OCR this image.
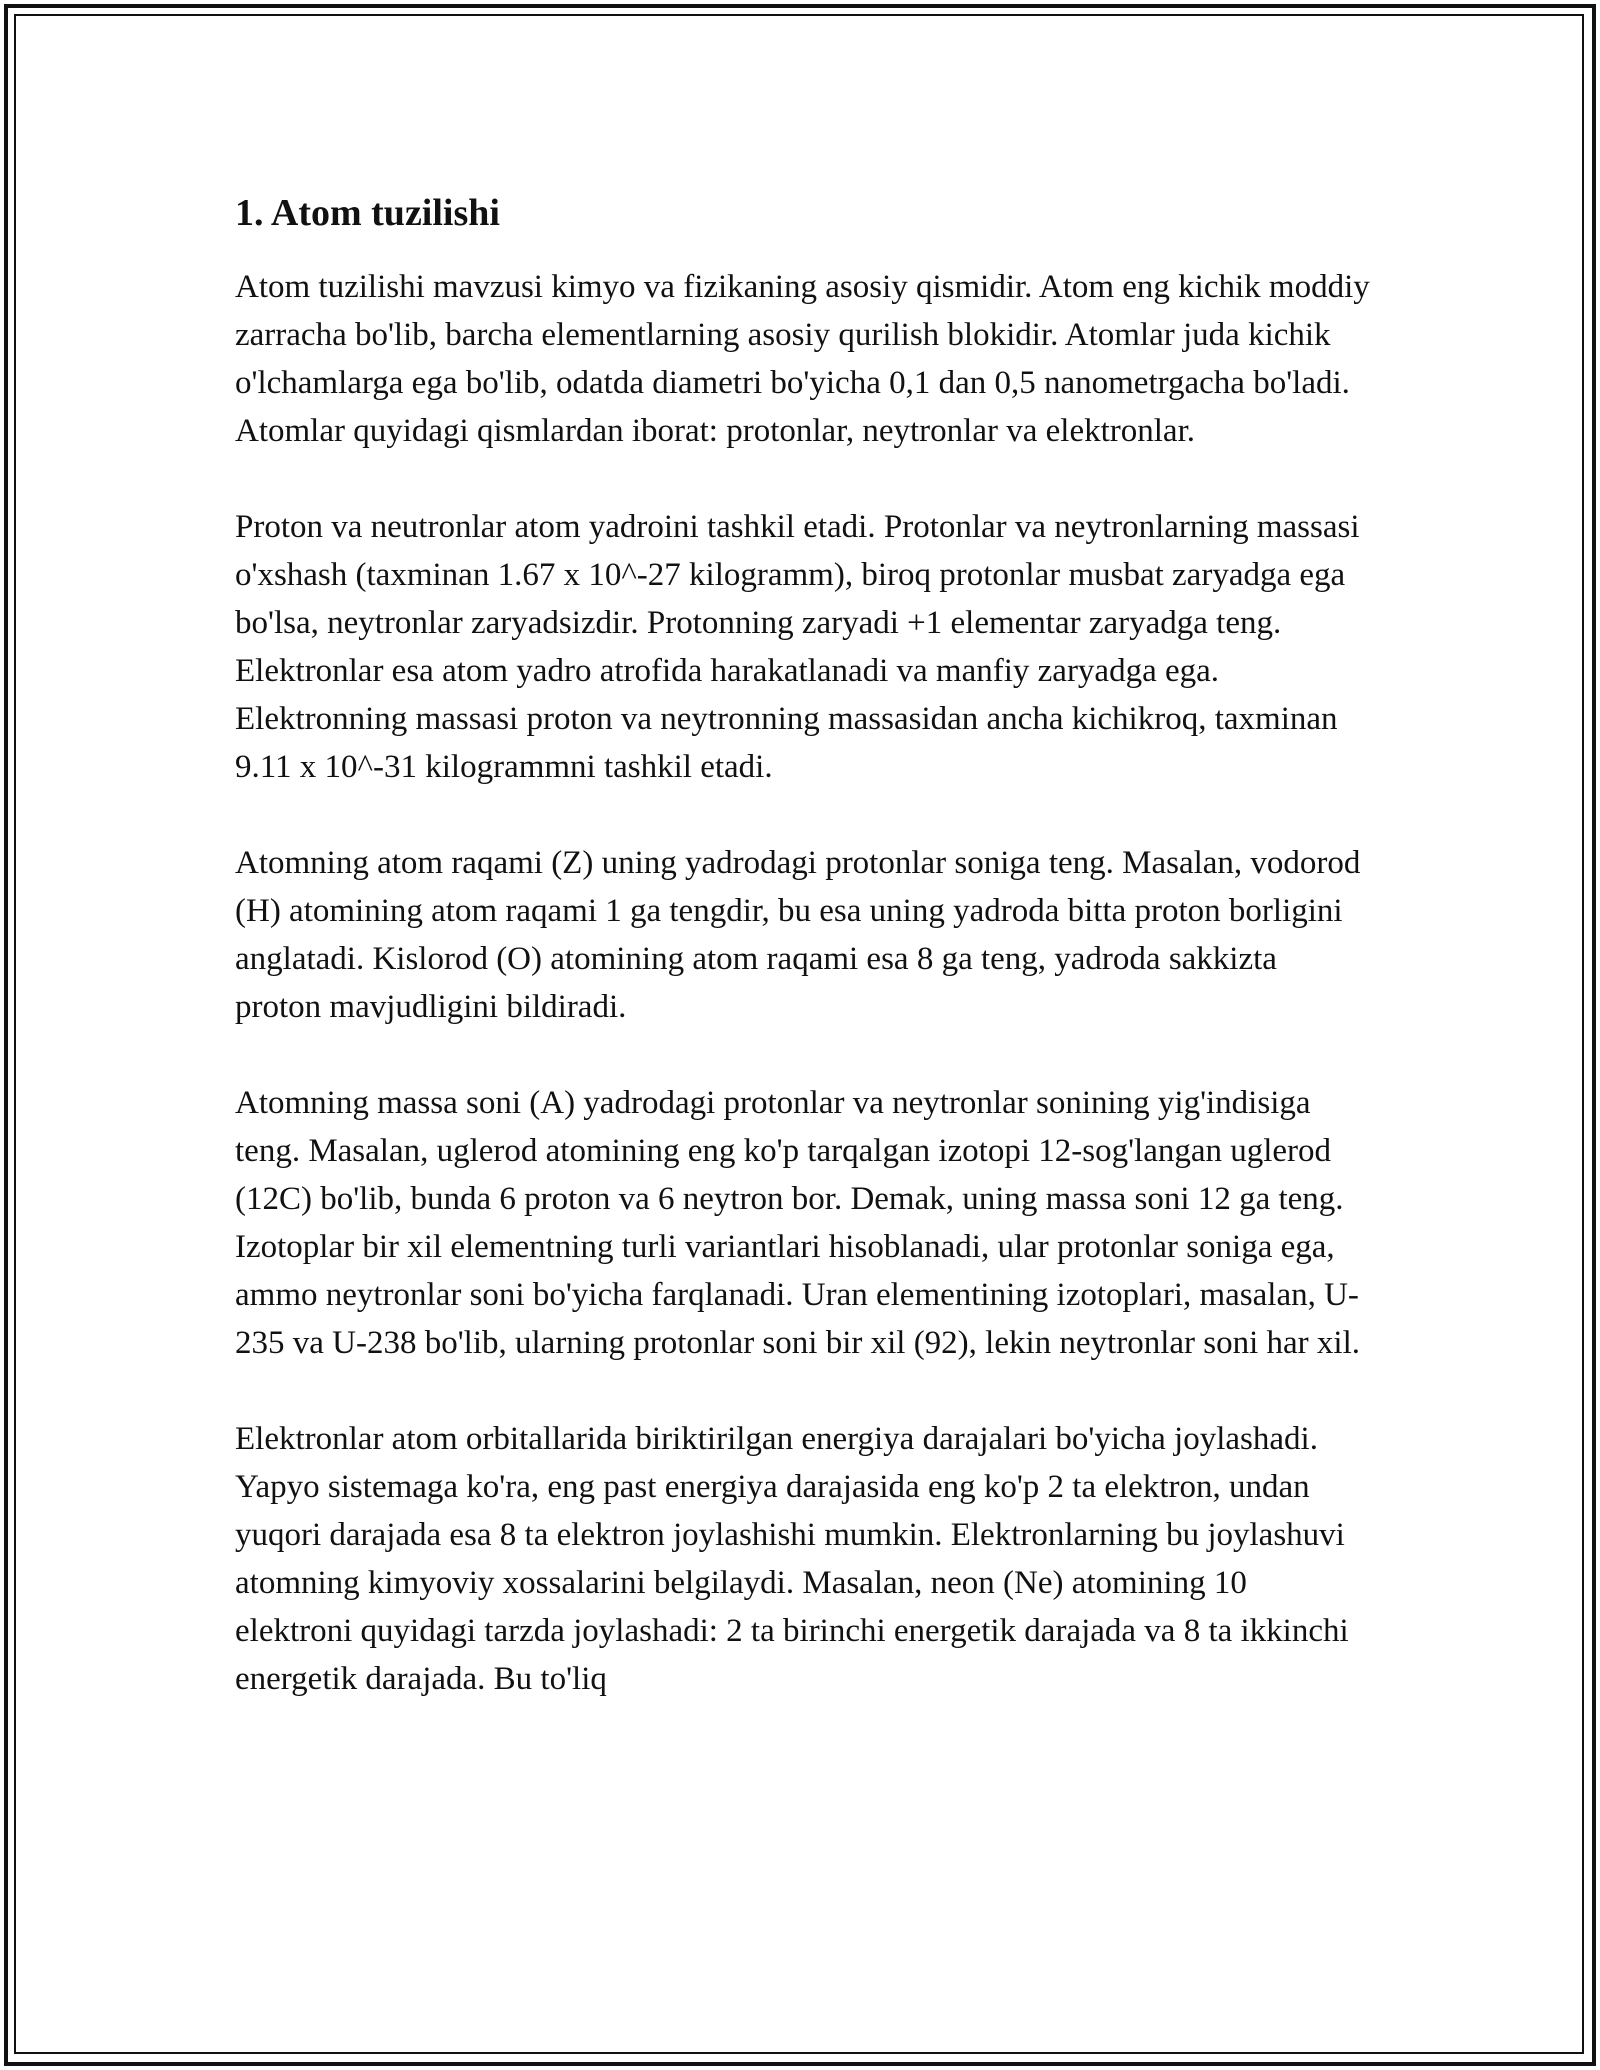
1. Atom tuzilishi

Atom tuzilishi mavzusi kimyo va fizikaning asosiy qismidir. Atom eng kichik moddiy zarracha bo'lib, barcha elementlarning asosiy qurilish blokidir. Atomlar juda kichik o'lchamlarga ega bo'lib, odatda diametri bo'yicha 0,1 dan 0,5 nanometrgacha bo'ladi. Atomlar quyidagi qismlardan iborat: protonlar, neytronlar va elektronlar.

Proton va neutronlar atom yadroini tashkil etadi. Protonlar va neytronlarning massasi o'xshash (taxminan 1.67 x 10^-27 kilogramm), biroq protonlar musbat zaryadga ega bo'lsa, neytronlar zaryadsizdir. Protonning zaryadi +1 elementar zaryadga teng. Elektronlar esa atom yadro atrofida harakatlanadi va manfiy zaryadga ega. Elektronning massasi proton va neytronning massasidan ancha kichikroq, taxminan 9.11 x 10^-31 kilogrammni tashkil etadi.

Atomning atom raqami (Z) uning yadrodagi protonlar soniga teng. Masalan, vodorod (H) atomining atom raqami 1 ga tengdir, bu esa uning yadroda bitta proton borligini anglatadi. Kislorod (O) atomining atom raqami esa 8 ga teng, yadroda sakkizta proton mavjudligini bildiradi.

Atomning massa soni (A) yadrodagi protonlar va neytronlar sonining yig'indisiga teng. Masalan, uglerod atomining eng ko'p tarqalgan izotopi 12-sog'langan uglerod (12C) bo'lib, bunda 6 proton va 6 neytron bor. Demak, uning massa soni 12 ga teng. Izotoplar bir xil elementning turli variantlari hisoblanadi, ular protonlar soniga ega, ammo neytronlar soni bo'yicha farqlanadi. Uran elementining izotoplari, masalan, U-235 va U-238 bo'lib, ularning protonlar soni bir xil (92), lekin neytronlar soni har xil.

Elektronlar atom orbitallarida biriktirilgan energiya darajalari bo'yicha joylashadi. Yapyo sistemaga ko'ra, eng past energiya darajasida eng ko'p 2 ta elektron, undan yuqori darajada esa 8 ta elektron joylashishi mumkin. Elektronlarning bu joylashuvi atomning kimyoviy xossalarini belgilaydi. Masalan, neon (Ne) atomining 10 elektroni quyidagi tarzda joylashadi: 2 ta birinchi energetik darajada va 8 ta ikkinchi energetik darajada. Bu to'liq
